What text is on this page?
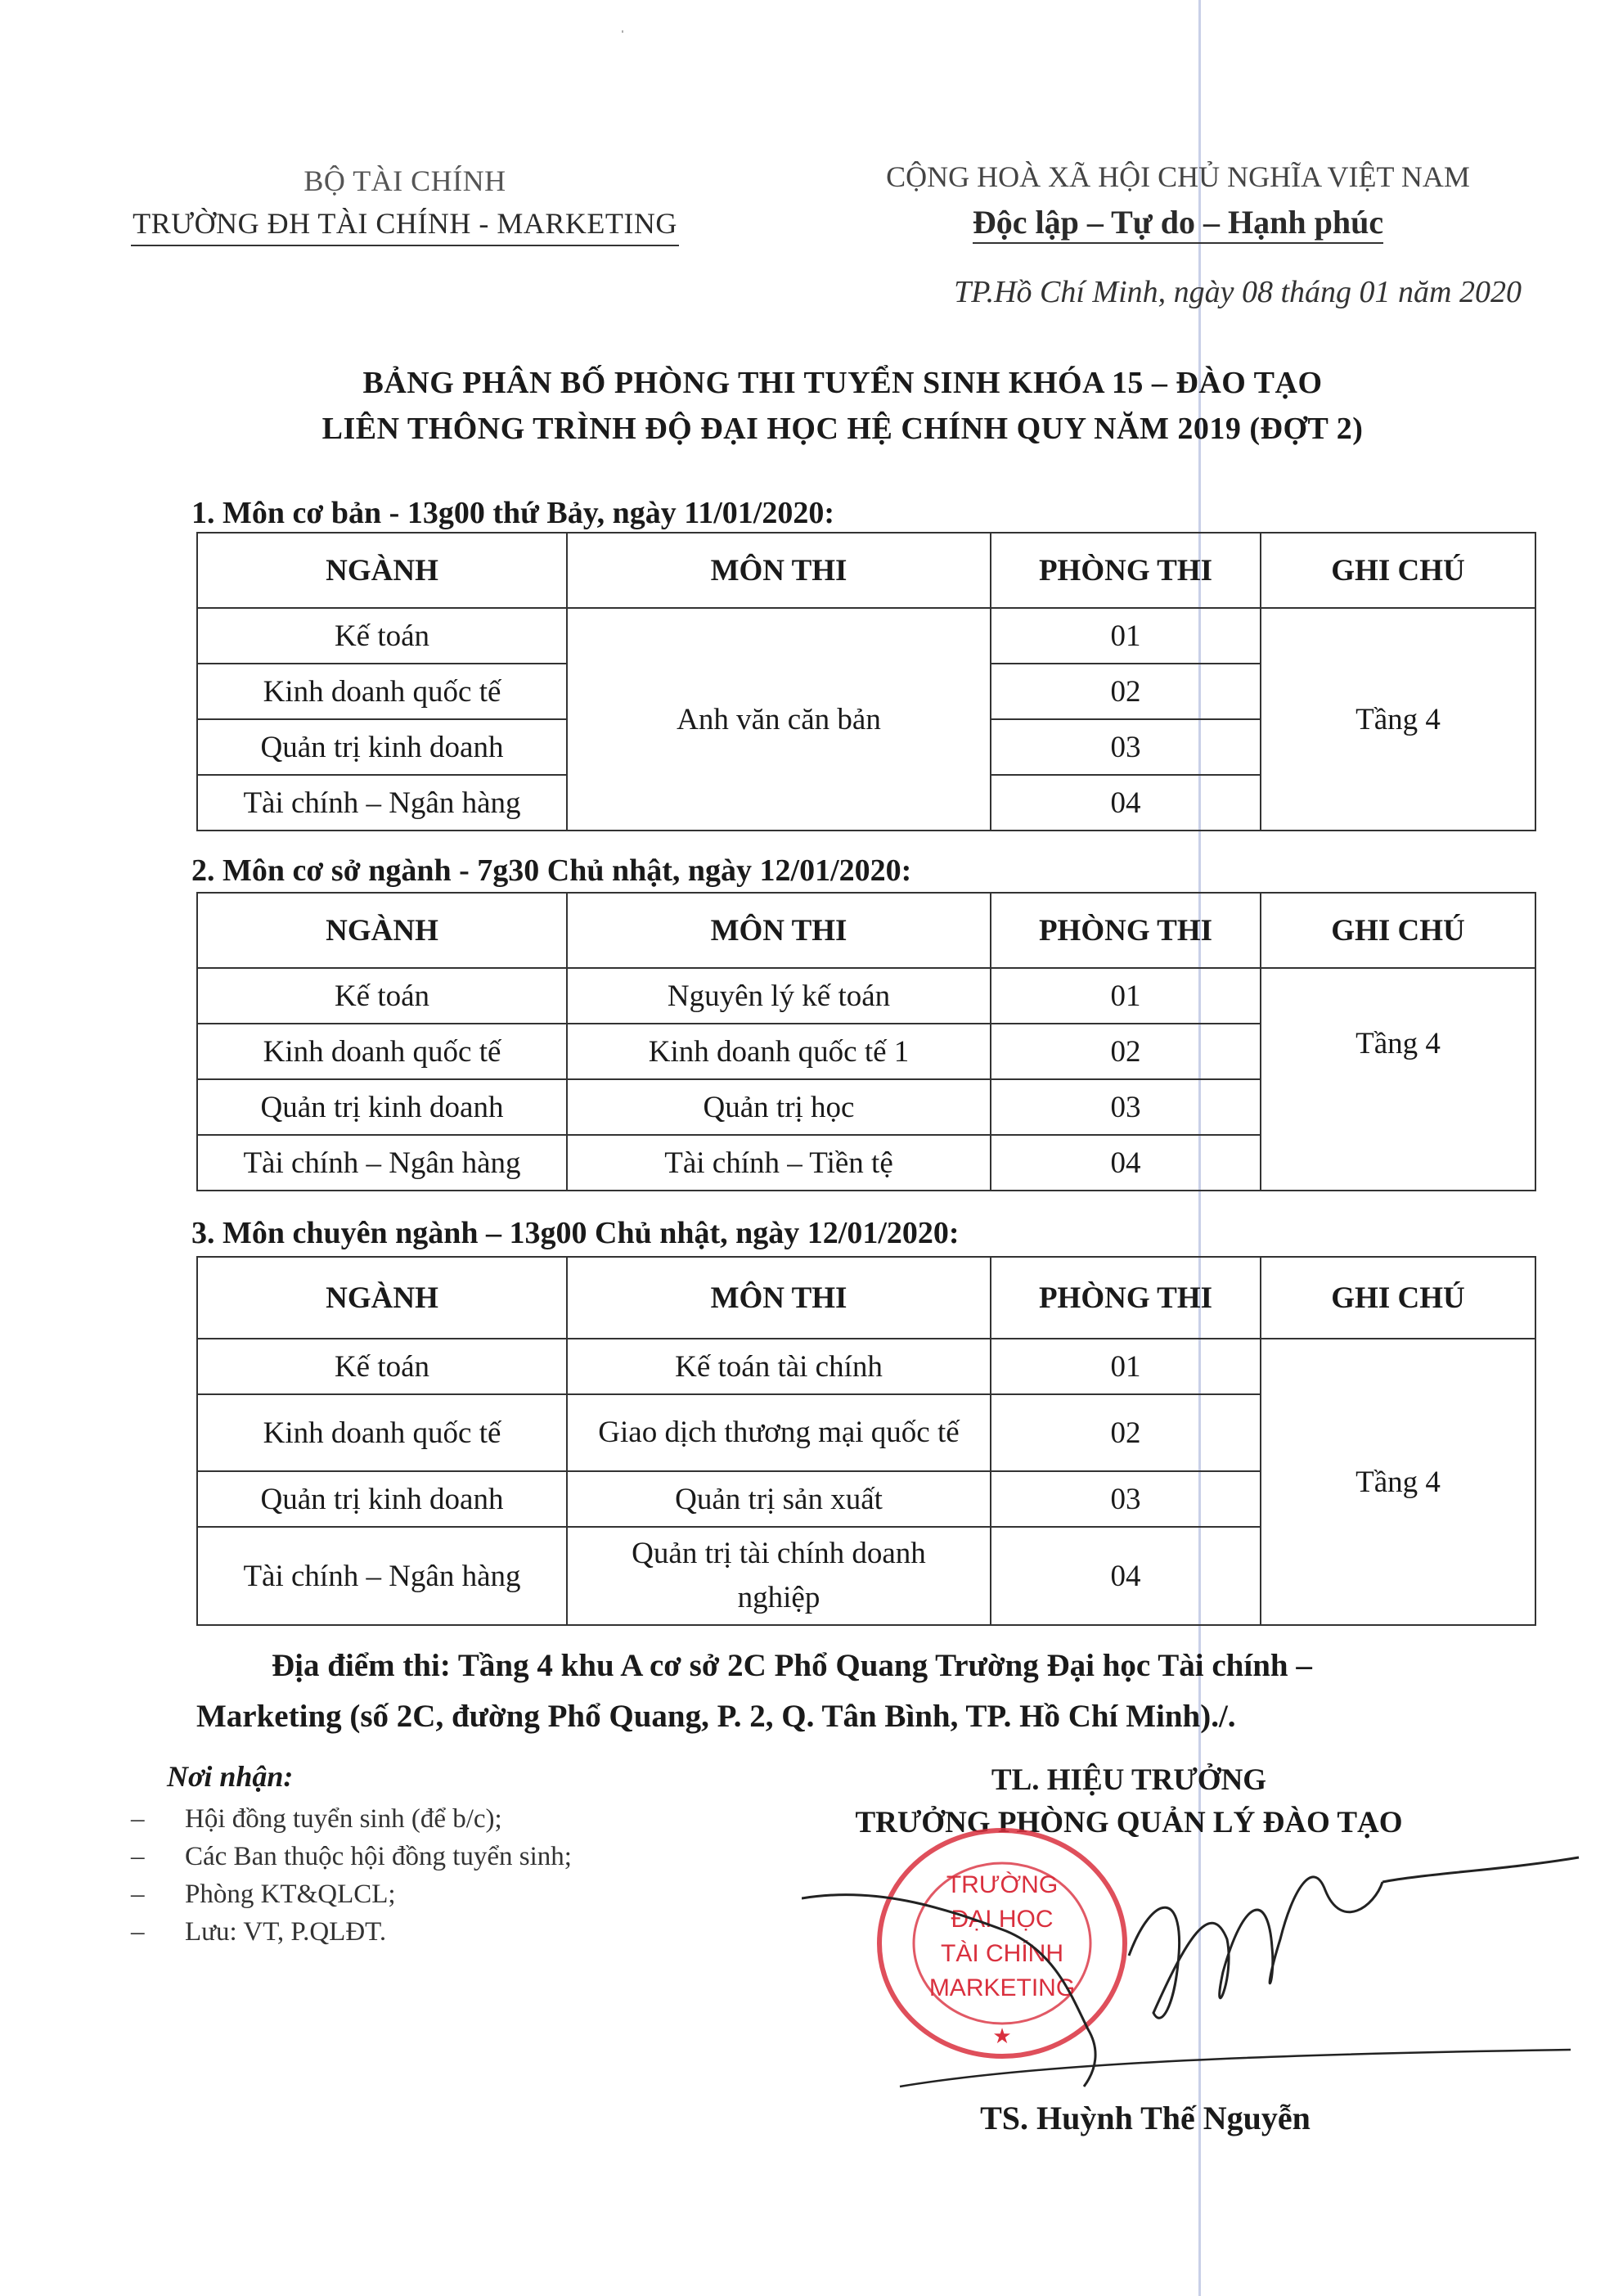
ˌ
BỘ TÀI CHÍNH
TRƯỜNG ĐH TÀI CHÍNH - MARKETING
CỘNG HOÀ XÃ HỘI CHỦ NGHĨA VIỆT NAM
Độc lập – Tự do – Hạnh phúc
TP.Hồ Chí Minh, ngày 08 tháng 01 năm 2020
BẢNG PHÂN BỐ PHÒNG THI TUYỂN SINH KHÓA 15 – ĐÀO TẠO
LIÊN THÔNG TRÌNH ĐỘ ĐẠI HỌC HỆ CHÍNH QUY NĂM 2019 (ĐỢT 2)
1. Môn cơ bản - 13g00 thứ Bảy, ngày 11/01/2020:
NGÀNH	MÔN THI	PHÒNG THI	GHI CHÚ
Kế toán	Anh văn căn bản	01	Tầng 4
Kinh doanh quốc tế		02	
Quản trị kinh doanh		03	
Tài chính – Ngân hàng		04	
2. Môn cơ sở ngành - 7g30 Chủ nhật, ngày 12/01/2020:
NGÀNH	MÔN THI	PHÒNG THI	GHI CHÚ
Kế toán	Nguyên lý kế toán	01	Tầng 4
Kinh doanh quốc tế	Kinh doanh quốc tế 1	02	
Quản trị kinh doanh	Quản trị học	03	
Tài chính – Ngân hàng	Tài chính – Tiền tệ	04	
3. Môn chuyên ngành – 13g00 Chủ nhật, ngày 12/01/2020:
NGÀNH	MÔN THI	PHÒNG THI	GHI CHÚ
Kế toán	Kế toán tài chính	01	Tầng 4
Kinh doanh quốc tế	Giao dịch thương mại quốc tế	02	
Quản trị kinh doanh	Quản trị sản xuất	03	
Tài chính – Ngân hàng	Quản trị tài chính doanh nghiệp	04	
Địa điểm thi: Tầng 4 khu A cơ sở 2C Phổ Quang Trường Đại học Tài chính –
Marketing (số 2C, đường Phổ Quang, P. 2, Q. Tân Bình, TP. Hồ Chí Minh)./.
Nơi nhận:
– Hội đồng tuyển sinh (để b/c);
– Các Ban thuộc hội đồng tuyển sinh;
– Phòng KT&QLCL;
– Lưu: VT, P.QLĐT.
TL. HIỆU TRƯỞNG
TRƯỞNG PHÒNG QUẢN LÝ ĐÀO TẠO
TRƯỜNG
ĐẠI HỌC
TÀI CHÍNH
MARKETING
★
TS. Huỳnh Thế Nguyễn
